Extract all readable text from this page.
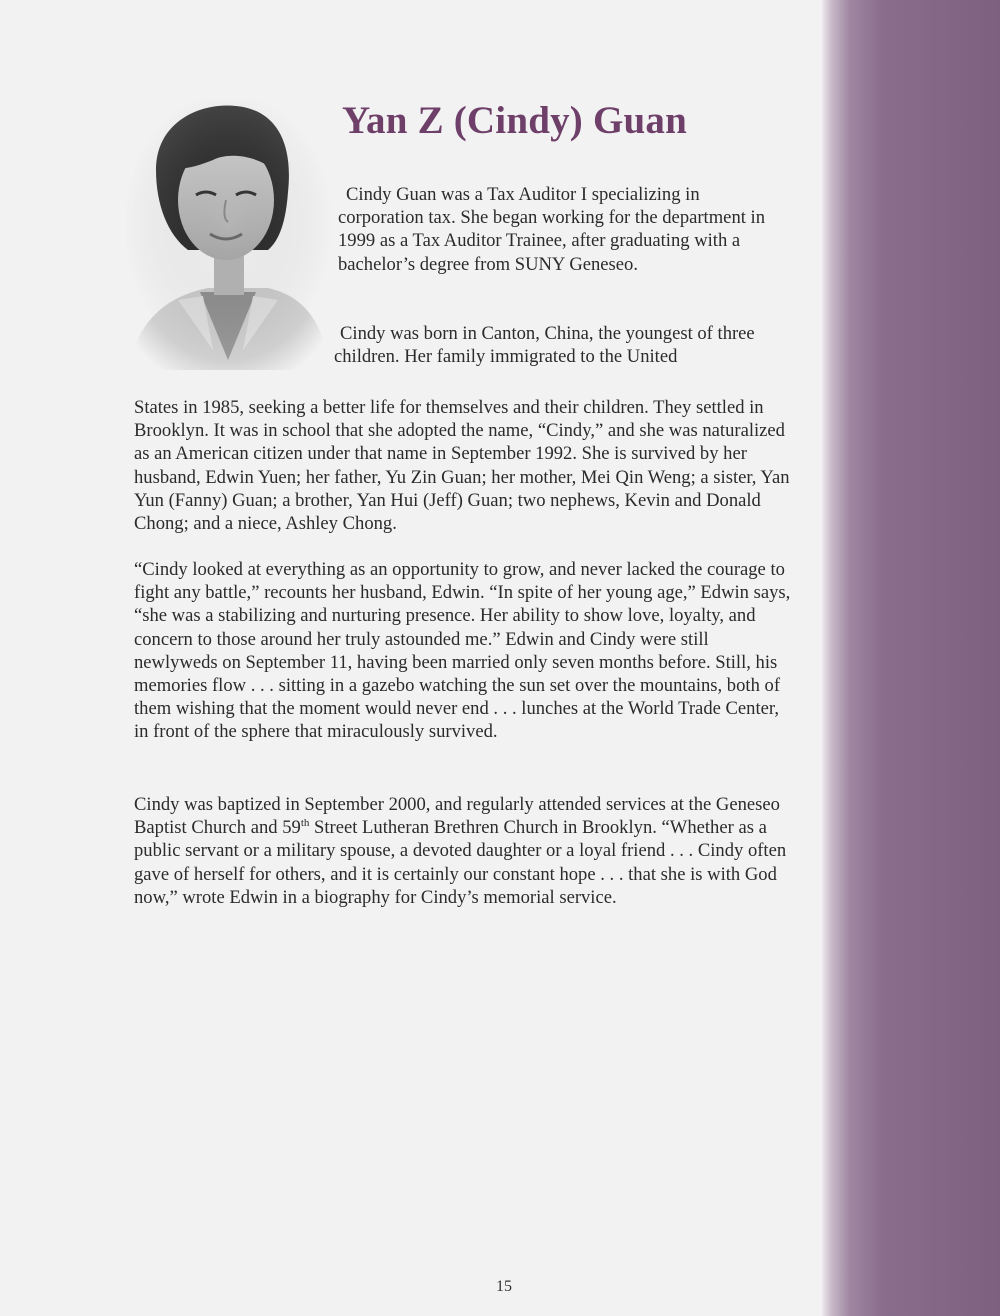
Yan Z (Cindy) Guan

Cindy Guan was a Tax Auditor I specializing in corporation tax. She began working for the department in 1999 as a Tax Auditor Trainee, after graduating with a bachelor’s degree from SUNY Geneseo.

Cindy was born in Canton, China, the youngest of three children. Her family immigrated to the United

States in 1985, seeking a better life for themselves and their children. They settled in Brooklyn. It was in school that she adopted the name, “Cindy,” and she was naturalized as an American citizen under that name in September 1992. She is survived by her husband, Edwin Yuen; her father, Yu Zin Guan; her mother, Mei Qin Weng; a sister, Yan Yun (Fanny) Guan; a brother, Yan Hui (Jeff) Guan; two nephews, Kevin and Donald Chong; and a niece, Ashley Chong.

“Cindy looked at everything as an opportunity to grow, and never lacked the courage to fight any battle,” recounts her husband, Edwin. “In spite of her young age,” Edwin says, “she was a stabilizing and nurturing presence. Her ability to show love, loyalty, and concern to those around her truly astounded me.” Edwin and Cindy were still newlyweds on September 11, having been married only seven months before. Still, his memories flow . . . sitting in a gazebo watching the sun set over the mountains, both of them wishing that the moment would never end . . . lunches at the World Trade Center, in front of the sphere that miraculously survived.

Cindy was baptized in September 2000, and regularly attended services at the Geneseo Baptist Church and 59th Street Lutheran Brethren Church in Brooklyn. “Whether as a public servant or a military spouse, a devoted daughter or a loyal friend . . . Cindy often gave of herself for others, and it is certainly our constant hope . . . that she is with God now,” wrote Edwin in a biography for Cindy’s memorial service.

15
